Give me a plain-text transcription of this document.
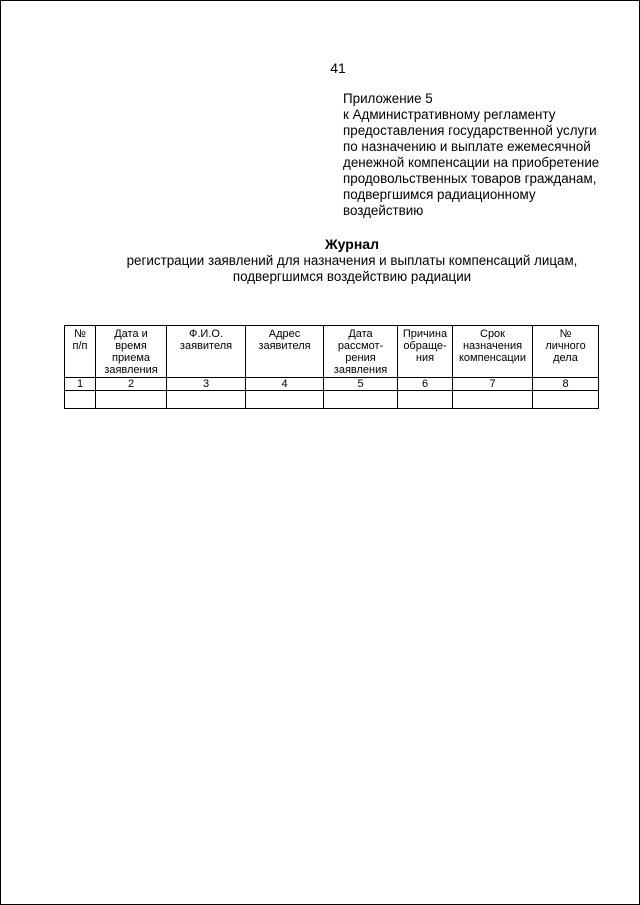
41
Приложение 5
к Административному регламенту
предоставления государственной услуги
по назначению и выплате ежемесячной
денежной компенсации на приобретение
продовольственных товаров гражданам,
подвергшимся радиационному
воздействию
Журнал
регистрации заявлений для назначения и выплаты компенсаций лицам,
подвергшимся воздействию радиации
№
п/п	Дата и
время
приема
заявления	Ф.И.О.
заявителя	Адрес
заявителя	Дата
рассмот-
рения
заявления	Причина
обраще-
ния	Срок
назначения
компенсации	№
личного
дела

1	2	3	4	5	6	7	8
